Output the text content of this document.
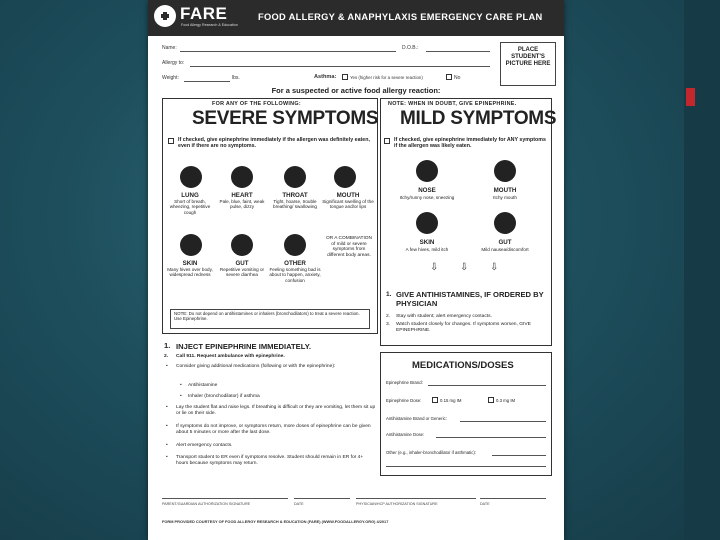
FARE
Food Allergy Research & Education
FOOD ALLERGY & ANAPHYLAXIS EMERGENCY CARE PLAN
Name:	D.O.B.:
Allergy to:
Weight:	lbs.	Asthma:	Yes (higher risk for a severe reaction)	No
PLACE STUDENT'S PICTURE HERE
For a suspected or active food allergy reaction:
FOR ANY OF THE FOLLOWING:
SEVERE SYMPTOMS
If checked, give epinephrine immediately if the allergen was definitely eaten, even if there are no symptoms.
LUNG
Short of breath, wheezing, repetitive cough
HEART
Pale, blue, faint, weak pulse, dizzy
THROAT
Tight, hoarse, trouble breathing/ swallowing
MOUTH
Significant swelling of the tongue and/or lips
OR A COMBINATION of mild or severe symptoms from different body areas.
SKIN
Many hives over body, widespread redness
GUT
Repetitive vomiting or severe diarrhea
OTHER
Feeling something bad is about to happen, anxiety, confusion
NOTE: Do not depend on antihistamines or inhalers (bronchodilators) to treat a severe reaction. Use Epinephrine.
NOTE: WHEN IN DOUBT, GIVE EPINEPHRINE.
MILD SYMPTOMS
If checked, give epinephrine immediately for ANY symptoms if the allergen was likely eaten.
NOSE
Itchy/runny nose, sneezing
MOUTH
Itchy mouth
SKIN
A few hives, mild itch
GUT
Mild nausea/discomfort
⇩ ⇩ ⇩
1. GIVE ANTIHISTAMINES, IF ORDERED BY PHYSICIAN
2.	Stay with student; alert emergency contacts.
3.	Watch student closely for changes. If symptoms worsen, GIVE EPINEPHRINE.
1. INJECT EPINEPHRINE IMMEDIATELY.
2.	Call 911. Request ambulance with epinephrine.
• Consider giving additional medications (following or with the epinephrine):
• Antihistamine
• Inhaler (bronchodilator) if asthma
• Lay the student flat and raise legs. If breathing is difficult or they are vomiting, let them sit up or lie on their side.
• If symptoms do not improve, or symptoms return, more doses of epinephrine can be given about 5 minutes or more after the last dose.
• Alert emergency contacts.
• Transport student to ER even if symptoms resolve. Student should remain in ER for 4+ hours because symptoms may return.
MEDICATIONS/DOSES
Epinephrine Brand:
Epinephrine Dose:	0.15 mg IM	0.3 mg IM
Antihistamine Brand or Generic:
Antihistamine Dose:
Other (e.g., inhaler-bronchodilator if asthmatic):
PARENT/GUARDIAN AUTHORIZATION SIGNATURE	DATE	PHYSICIAN/HCP AUTHORIZATION SIGNATURE	DATE
FORM PROVIDED COURTESY OF FOOD ALLERGY RESEARCH & EDUCATION (FARE) (WWW.FOODALLERGY.ORG) 4/2017
